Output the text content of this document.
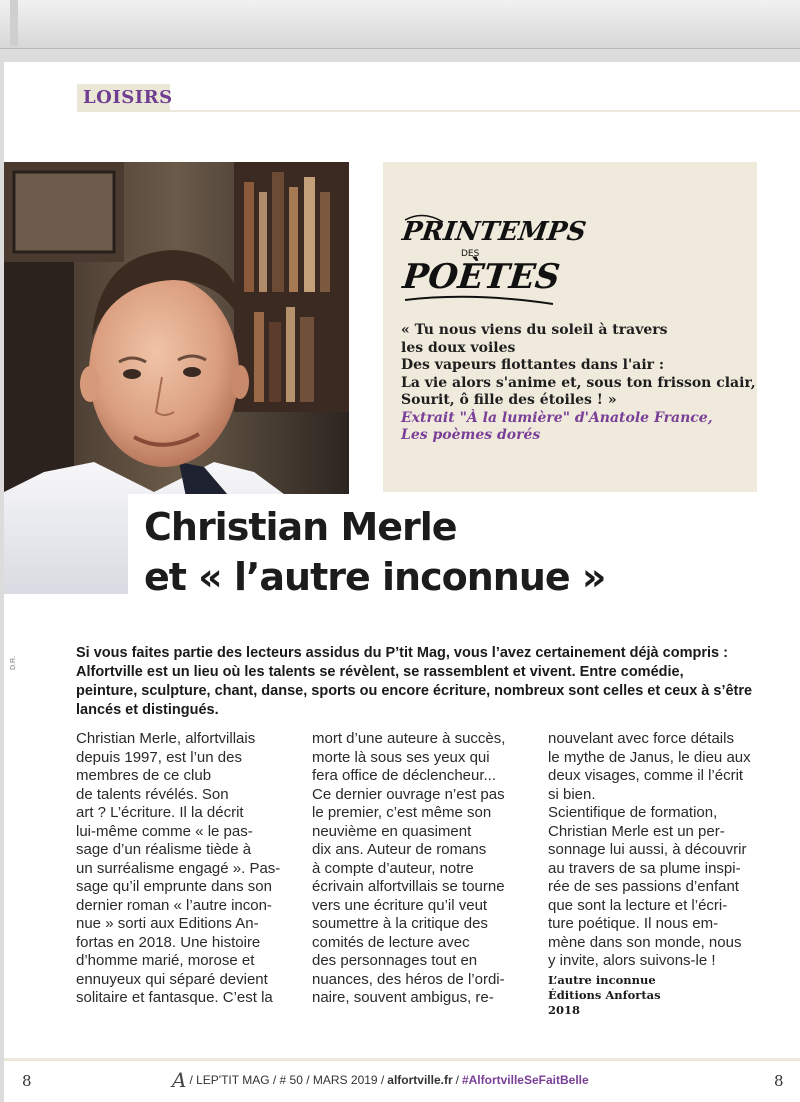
LOISIRS
D.R.
PRINTEMPS
DES
POÈTES
« Tu nous viens du soleil à travers
les doux voiles
Des vapeurs flottantes dans l'air :
La vie alors s'anime et, sous ton frisson clair,
Sourit, ô fille des étoiles ! »
Extrait "À la lumière" d'Anatole France,
Les poèmes dorés
Christian Merle
et « l’autre inconnue »
Si vous faites partie des lecteurs assidus du P’tit Mag, vous l’avez certainement déjà compris :
Alfortville est un lieu où les talents se révèlent, se rassemblent et vivent. Entre comédie,
peinture, sculpture, chant, danse, sports ou encore écriture, nombreux sont celles et ceux à s’être
lancés et distingués.
Christian Merle, alfortvillais
depuis 1997, est l’un des
membres de ce club
de talents révélés. Son
art ? L’écriture. Il la décrit
lui-même comme « le pas-
sage d’un réalisme tiède à
un surréalisme engagé ». Pas-
sage qu’il emprunte dans son
dernier roman « l’autre incon-
nue » sorti aux Editions An-
fortas en 2018. Une histoire
d’homme marié, morose et
ennuyeux qui séparé devient
solitaire et fantasque. C’est la
mort d’une auteure à succès,
morte là sous ses yeux qui
fera office de déclencheur...
Ce dernier ouvrage n’est pas
le premier, c’est même son
neuvième en quasiment
dix ans. Auteur de romans
à compte d’auteur, notre
écrivain alfortvillais se tourne
vers une écriture qu’il veut
soumettre à la critique des
comités de lecture avec
des personnages tout en
nuances, des héros de l’ordi-
naire, souvent ambigus, re-
nouvelant avec force détails
le mythe de Janus, le dieu aux
deux visages, comme il l’écrit
si bien.
Scientifique de formation,
Christian Merle est un per-
sonnage lui aussi, à découvrir
au travers de sa plume inspi-
rée de ses passions d’enfant
que sont la lecture et l’écri-
ture poétique. Il nous em-
mène dans son monde, nous
y invite, alors suivons-le !
L’autre inconnue
Éditions Anfortas
2018
8	A / LEP'TIT MAG / # 50 / MARS 2019 / alfortville.fr / #AlfortvilleSeFaitBelle	8
